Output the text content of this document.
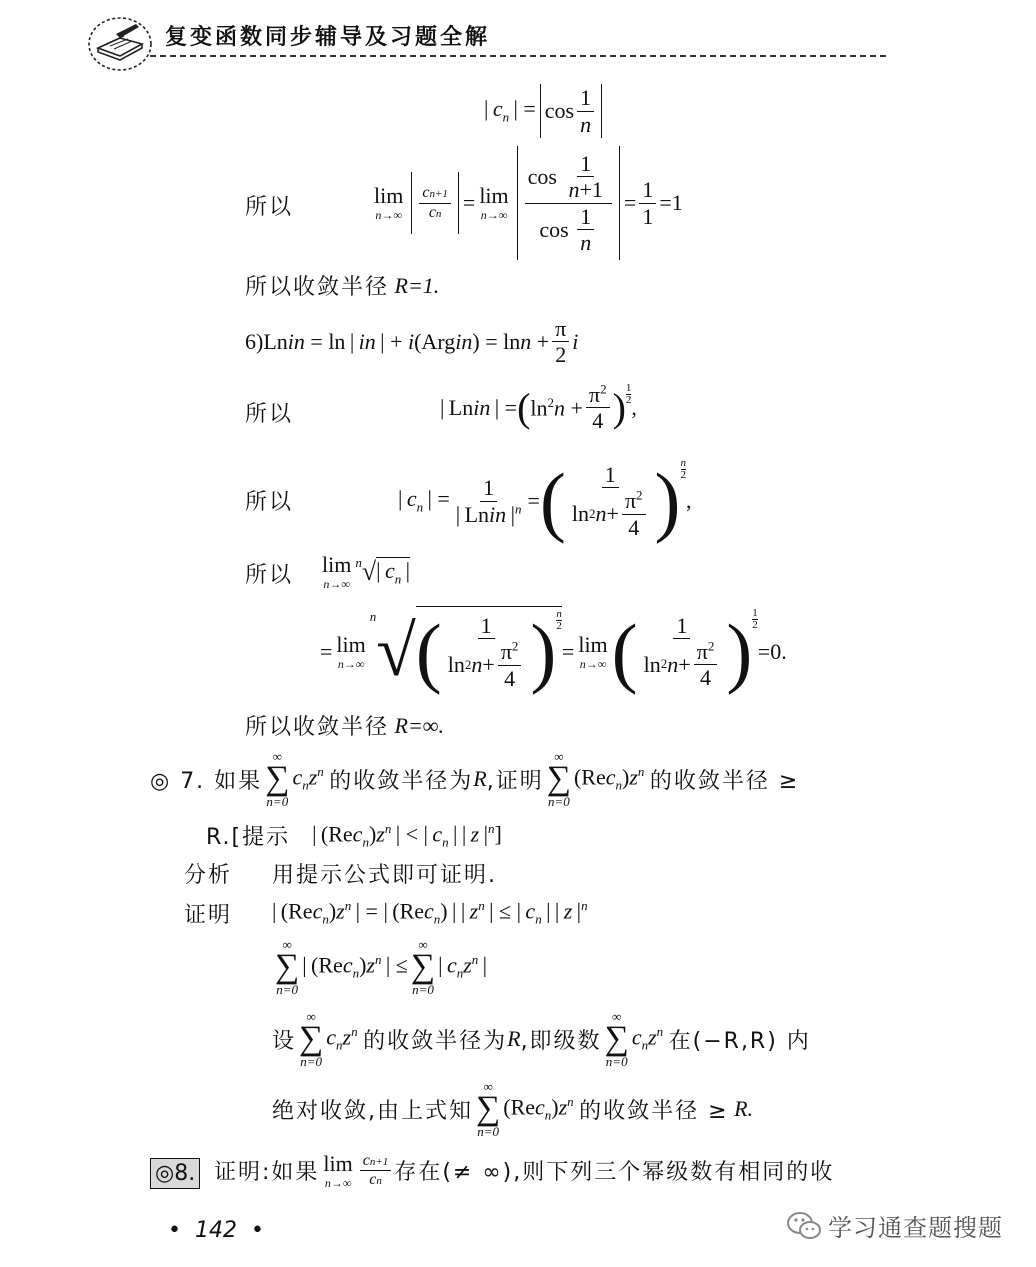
复变函数同步辅导及习题全解
| $c_n$ | = $\cos \frac{1}{n}$
所以	lim
$n\to\infty \frac{cn+1}{cn} = \lim$
$n\to\infty \frac{\cos \frac{1}{n+1}}{\cos \frac{1}{n}} = \frac{1}{1} =1$
所以收敛半径
R=1.
6) Lnin = ln | in | + i(Argin) = $\ln n + \frac{\pi}{2}$ i
所以	| Lnin | = ( $\ln^2n + \frac{\pi^2}{4}$ ) 1
2 ,
所以	| $c_n$ | = $\frac{1}{| Lnin |^n}$ = ( $\frac{1}{\ln 2 n + \frac{\pi^2}{4}}$ ) n
2
,
所以 lim
n→∞
n √ | $c_n$ |
= lim
n→∞
n √ ( $\frac{1}{\ln 2 n + \frac{\pi^2}{4}}$ ) n
2
= lim
n→∞ ( $\frac{1}{\ln 2 n + \frac{\pi^2}{4}}$ ) $\frac{1}{2}$
=0.
所以收敛半径
R=∞.
◎ 7. 如果
∞
∑
n=0
$c_nz^n$ 的收敛半径为 R ,证明
∞
∑
n=0
$(Rec_n)z^n$ 的收敛半径 ≥
R.[提示 | $(Rec_n)z^n$ | < | $c_n$ | | z $|^n$]
分析 用提示公式即可证明.
证明 | $(Rec_n)z^n$ | = | (Rec$_n$) | | $z^n$ | ≤ | $c_n$ | | z $|^n$
∞
∑
n=0
| $(Rec_n)z^n$ | ≤
∞
∑
n=0
| $c_nz^n$ |
设
∞
∑
n=0
$c_nz^n$ 的收敛半径为 R ,即级数
∞
∑
n=0
$c_nz^n$ 在(−R,R) 内
绝对收敛,由上式知
∞
∑
n=0
$(Rec_n)z^n$ 的收敛半径 ≥ R.
◎8. 证明:如果 lim
$n\to\infty \frac{cn+1}{cn}$ 存在(≠ ∞),则下列三个幂级数有相同的收
• 142 •	学习通查题搜题
